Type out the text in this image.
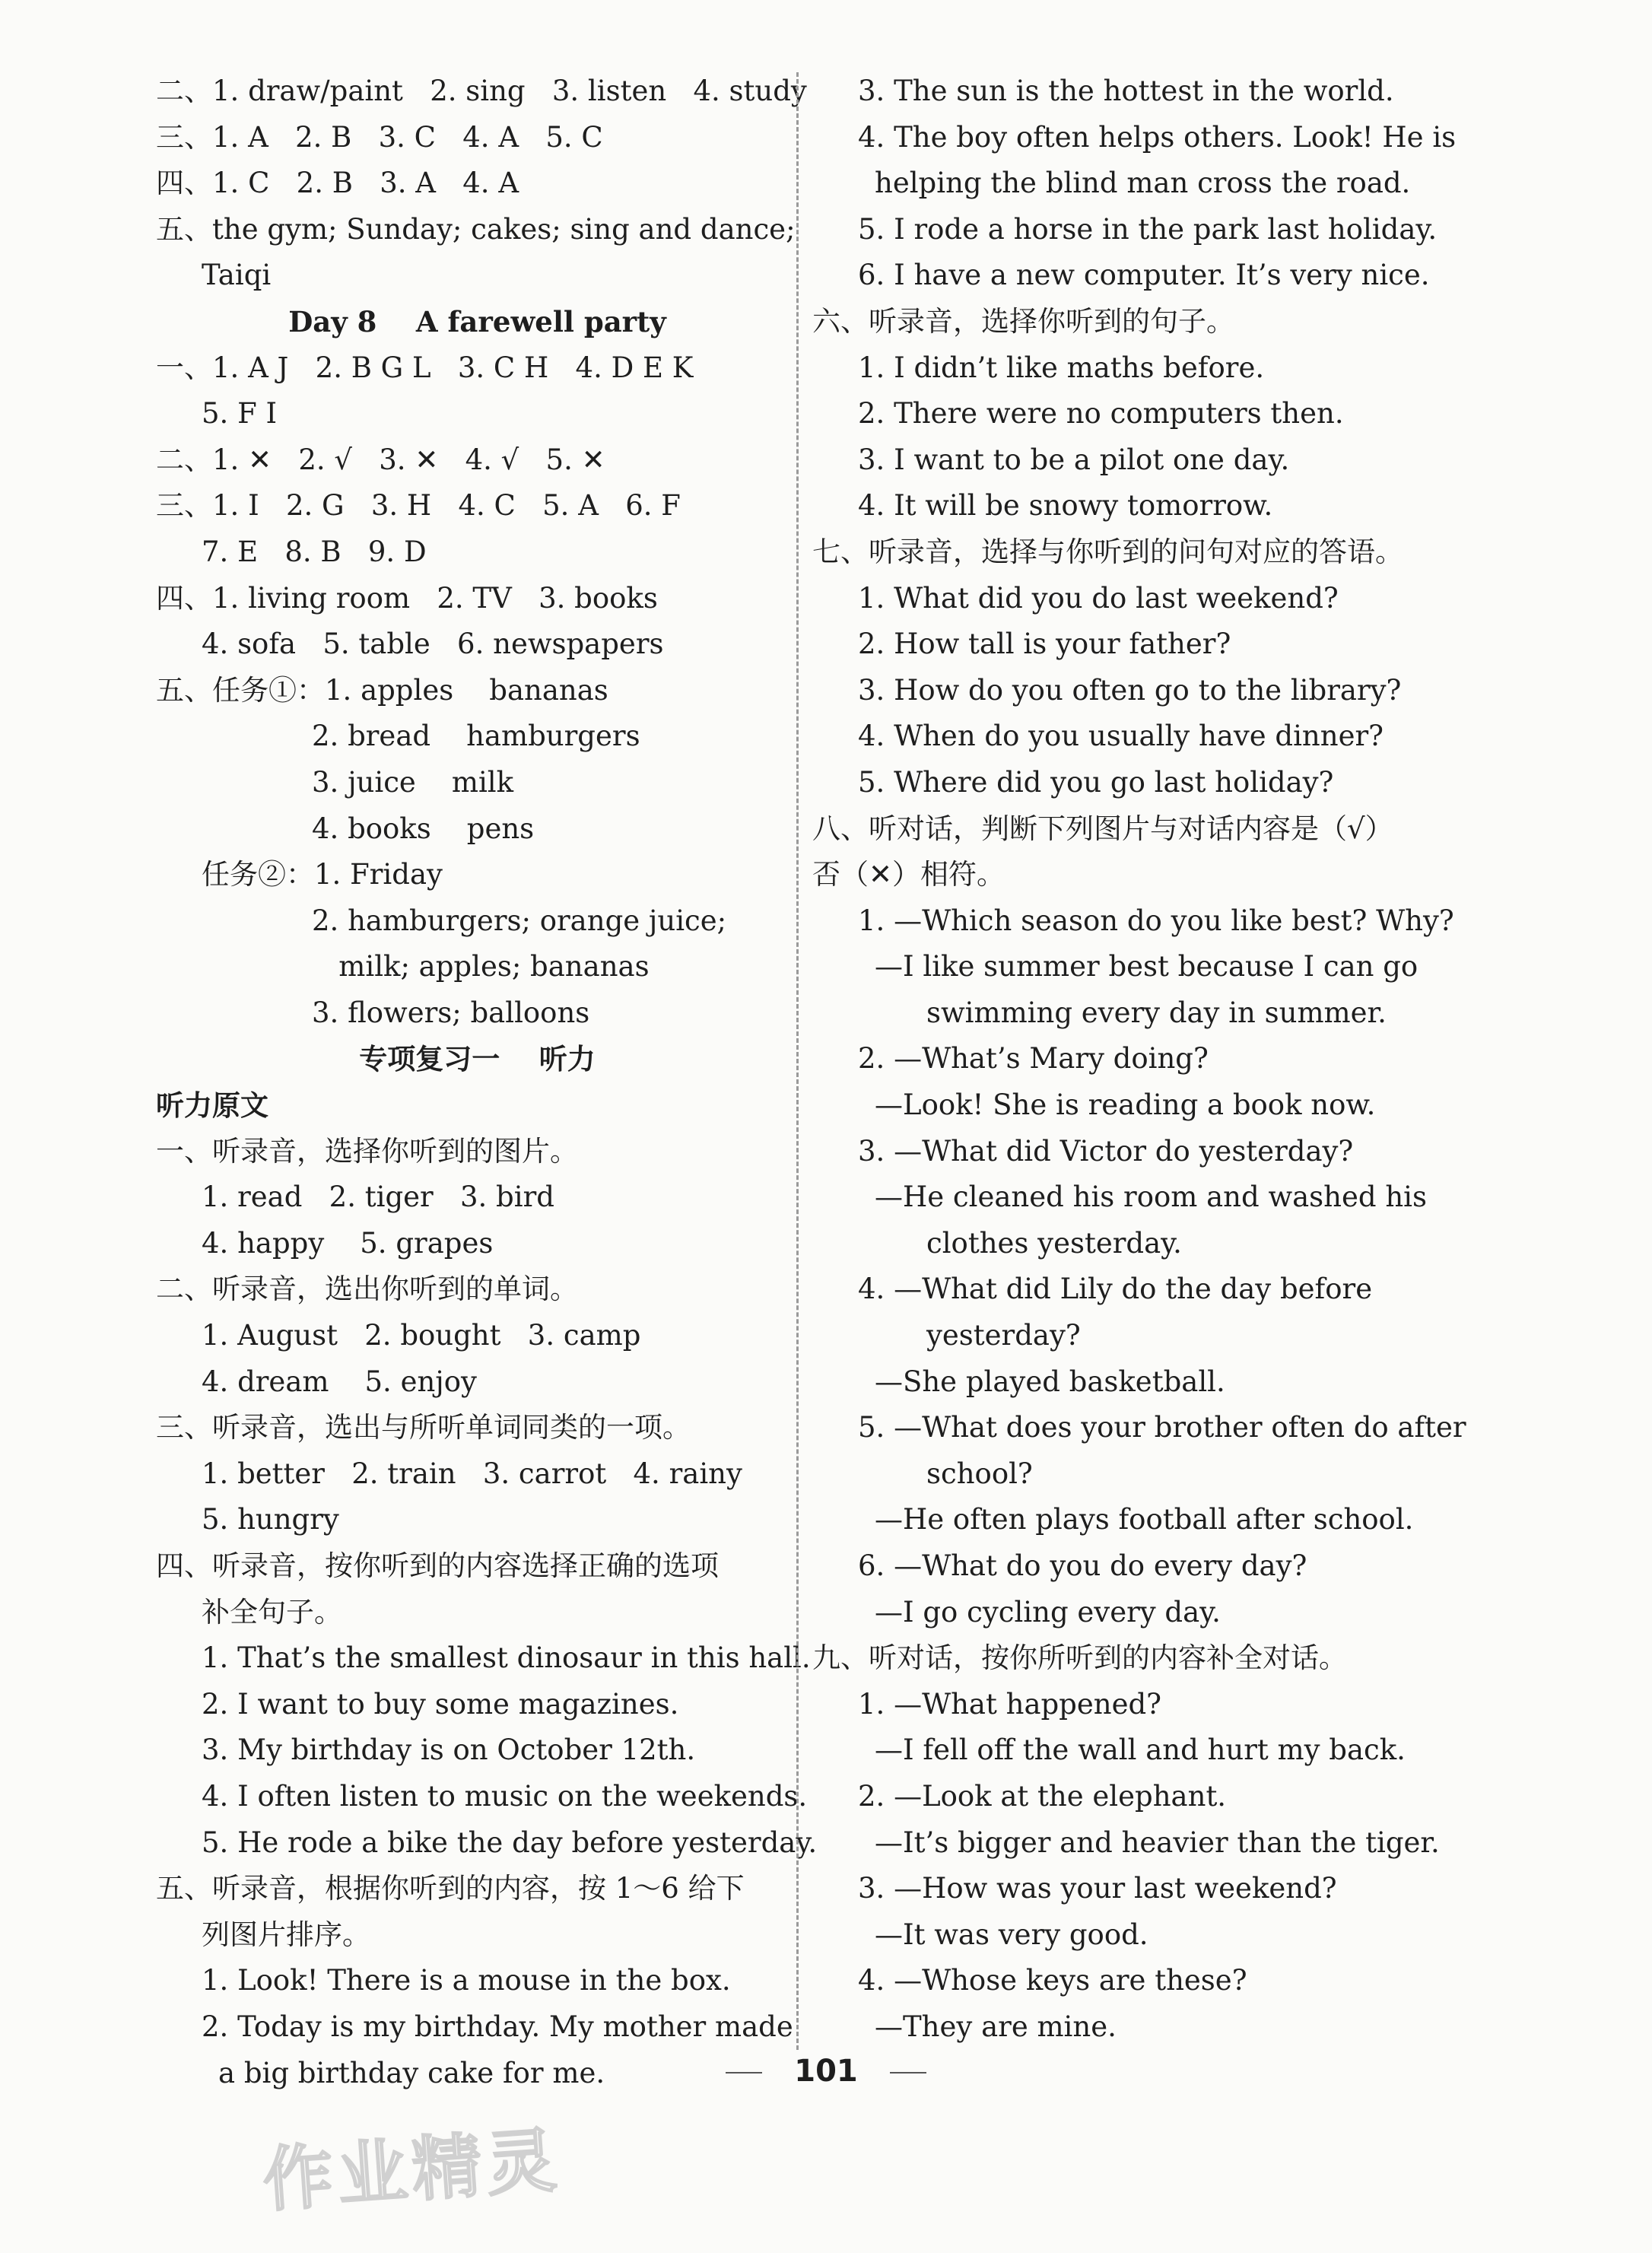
二、1. draw/paint   2. sing   3. listen   4. study
三、1. A   2. B   3. C   4. A   5. C
四、1. C   2. B   3. A   4. A
五、the gym; Sunday; cakes; sing and dance;
Taiqi
Day 8    A farewell party
一、1. A J   2. B G L   3. C H   4. D E K
5. F I
二、1. ✕   2. √   3. ✕   4. √   5. ✕
三、1. I   2. G   3. H   4. C   5. A   6. F
7. E   8. B   9. D
四、1. living room   2. TV   3. books
4. sofa   5. table   6. newspapers
五、任务①：1. apples    bananas
2. bread    hamburgers
3. juice    milk
4. books    pens
任务②：1. Friday
2. hamburgers; orange juice;
milk; apples; bananas
3. flowers; balloons
专项复习一    听力
听力原文
一、听录音，选择你听到的图片。
1. read   2. tiger   3. bird
4. happy    5. grapes
二、听录音，选出你听到的单词。
1. August   2. bought   3. camp
4. dream    5. enjoy
三、听录音，选出与所听单词同类的一项。
1. better   2. train   3. carrot   4. rainy
5. hungry
四、听录音，按你听到的内容选择正确的选项
补全句子。
1. That’s the smallest dinosaur in this hall.
2. I want to buy some magazines.
3. My birthday is on October 12th.
4. I often listen to music on the weekends.
5. He rode a bike the day before yesterday.
五、听录音，根据你听到的内容，按 1～6 给下
列图片排序。
1. Look! There is a mouse in the box.
2. Today is my birthday. My mother made
a big birthday cake for me.
3. The sun is the hottest in the world.
4. The boy often helps others. Look! He is
helping the blind man cross the road.
5. I rode a horse in the park last holiday.
6. I have a new computer. It’s very nice.
六、听录音，选择你听到的句子。
1. I didn’t like maths before.
2. There were no computers then.
3. I want to be a pilot one day.
4. It will be snowy tomorrow.
七、听录音，选择与你听到的问句对应的答语。
1. What did you do last weekend?
2. How tall is your father?
3. How do you often go to the library?
4. When do you usually have dinner?
5. Where did you go last holiday?
八、听对话，判断下列图片与对话内容是（√）
否（✕）相符。
1. —Which season do you like best? Why?
—I like summer best because I can go
swimming every day in summer.
2. —What’s Mary doing?
—Look! She is reading a book now.
3. —What did Victor do yesterday?
—He cleaned his room and washed his
clothes yesterday.
4. —What did Lily do the day before
yesterday?
—She played basketball.
5. —What does your brother often do after
school?
—He often plays football after school.
6. —What do you do every day?
—I go cycling every day.
九、听对话，按你所听到的内容补全对话。
1. —What happened?
—I fell off the wall and hurt my back.
2. —Look at the elephant.
—It’s bigger and heavier than the tiger.
3. —How was your last weekend?
—It was very good.
4. —Whose keys are these?
—They are mine.
101
作业精灵
